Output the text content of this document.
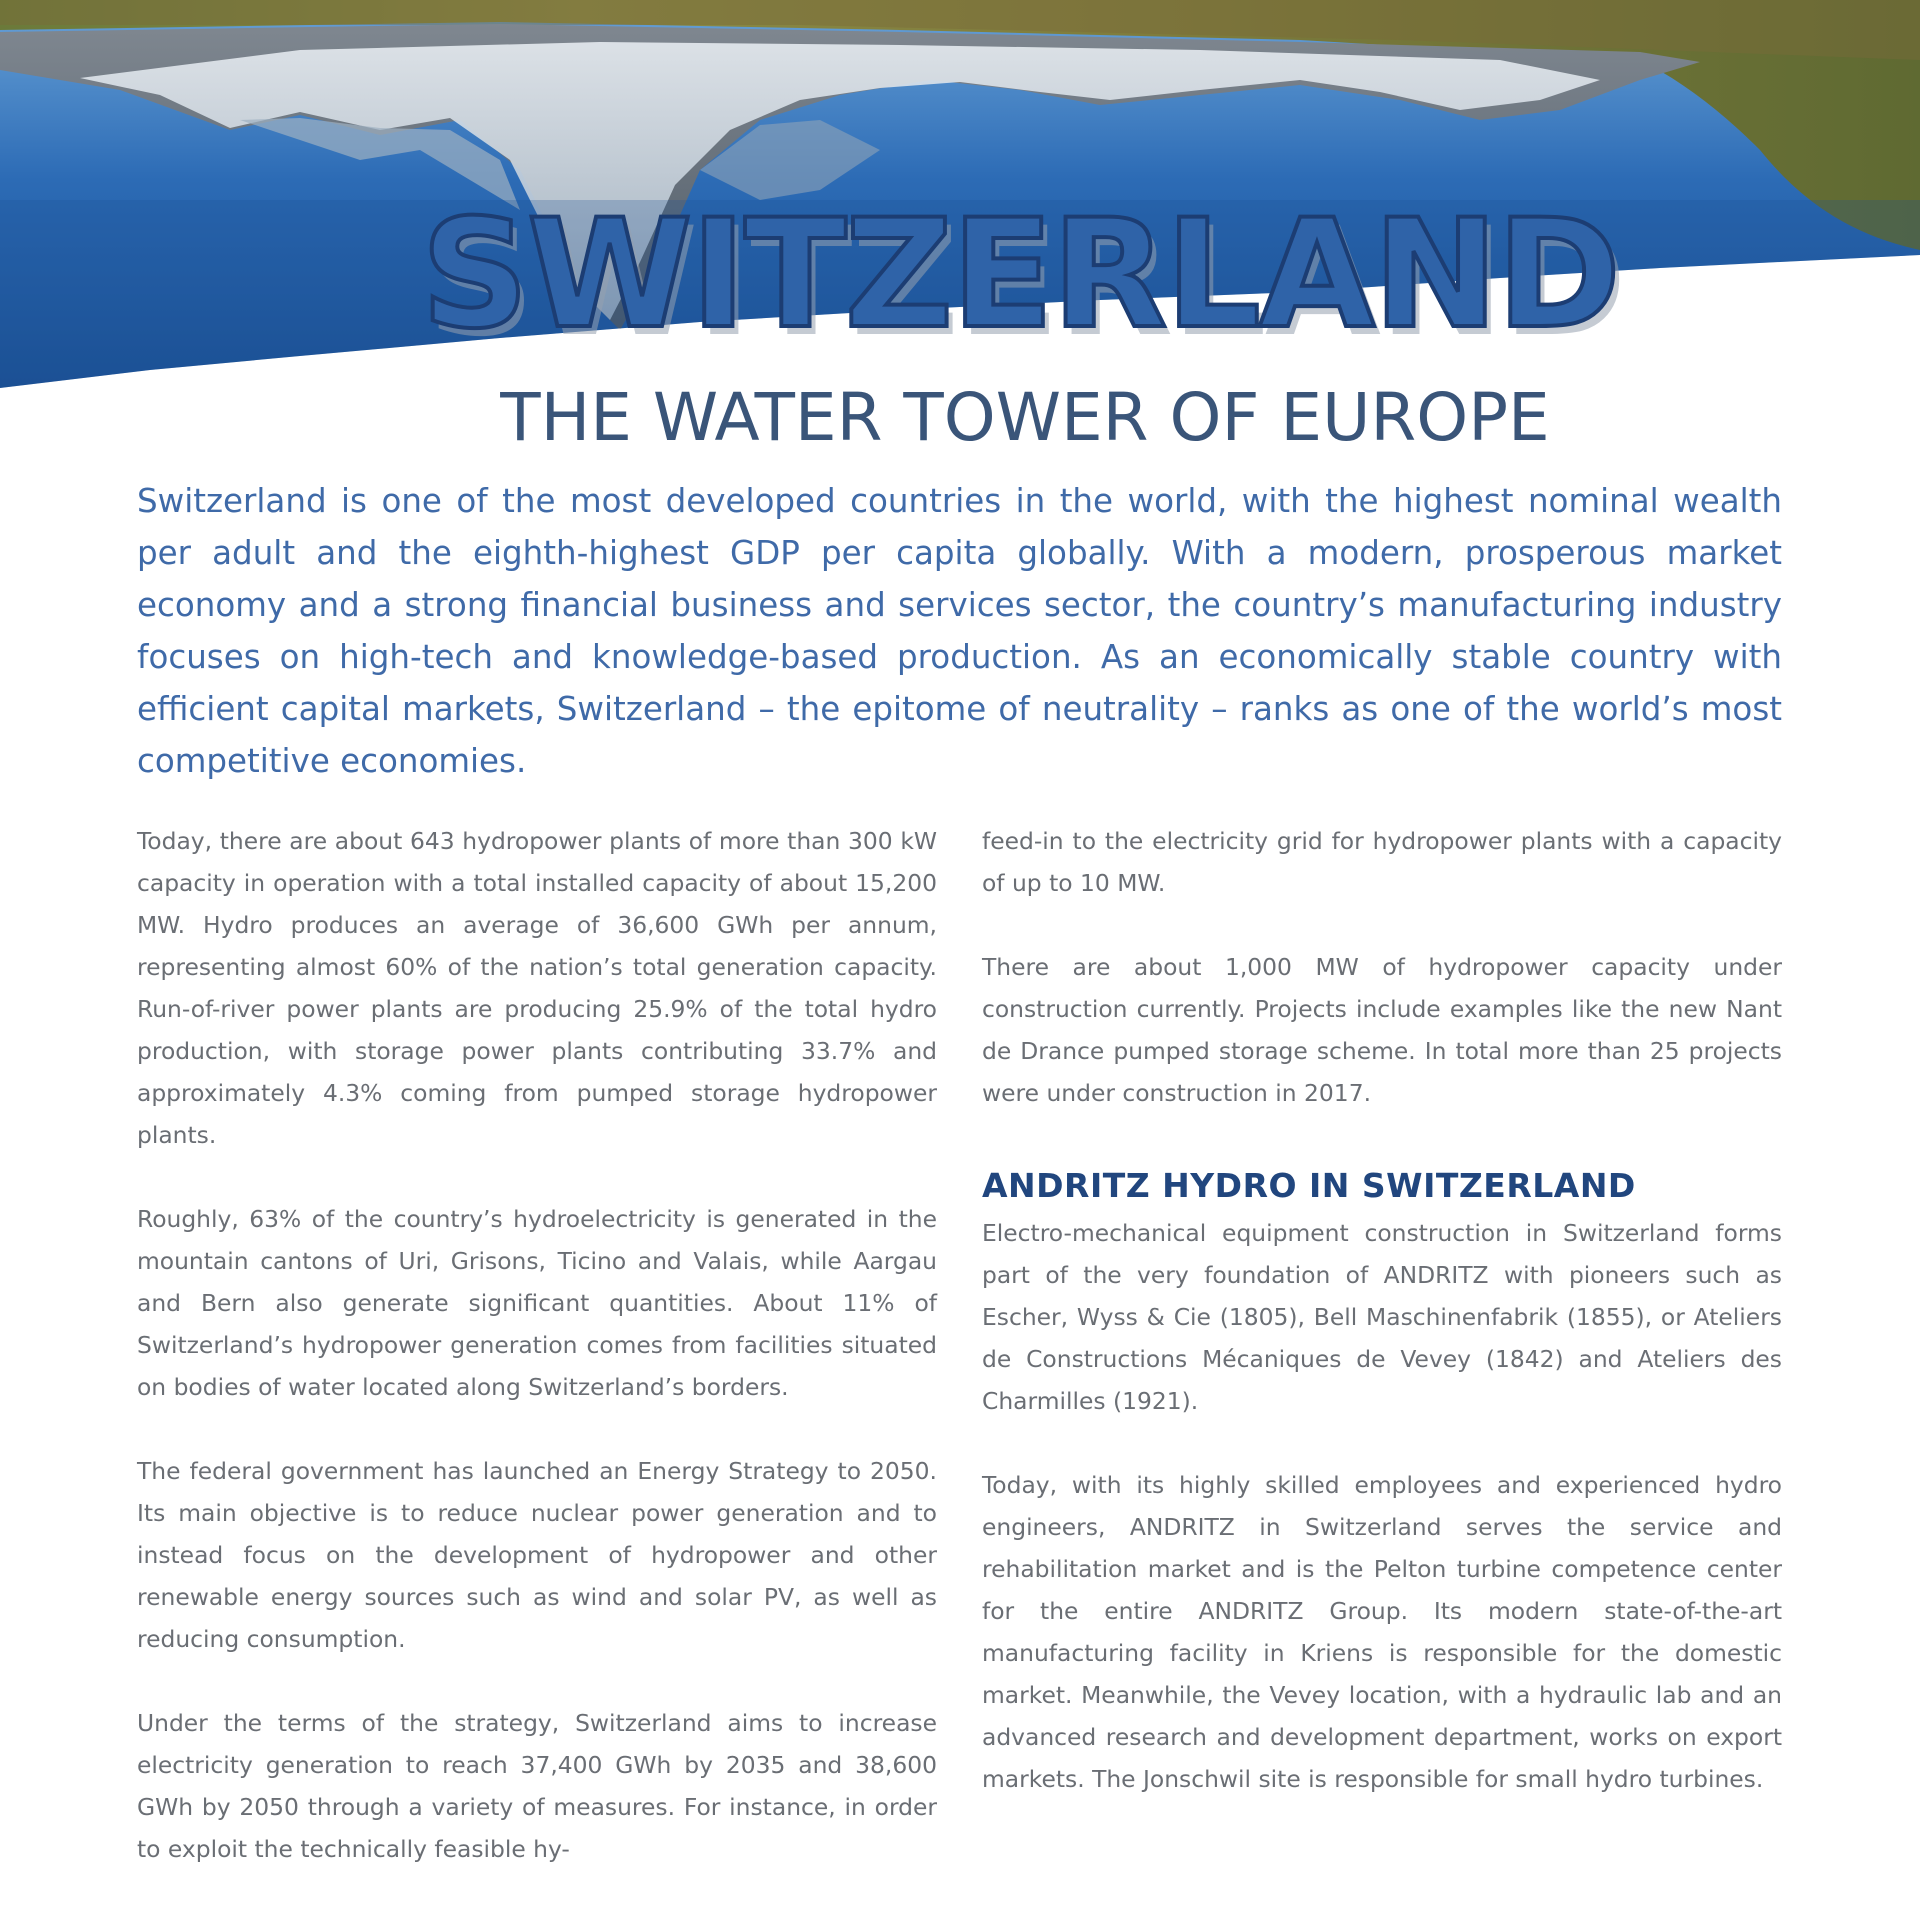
SWITZERLAND
THE WATER TOWER OF EUROPE

Switzerland is one of the most developed countries in the world, with the highest nominal wealth per adult and the eighth-highest GDP per capita globally. With a modern, prosperous market economy and a strong financial business and services sector, the country’s manufacturing industry focuses on high-tech and knowledge-based production. As an economically stable country with efficient capital markets, Switzerland – the epitome of neutrality – ranks as one of the world’s most competitive economies.

Today, there are about 643 hydropower plants of more than 300 kW capacity in operation with a total installed capacity of about 15,200 MW. Hydro produces an average of 36,600 GWh per annum, representing almost 60% of the nation’s total generation capacity. Run-of-river power plants are producing 25.9% of the total hydro production, with storage power plants contributing 33.7% and approximately 4.3% coming from pumped storage hydropower plants.

Roughly, 63% of the country’s hydroelectricity is generated in the mountain cantons of Uri, Grisons, Ticino and Valais, while Aargau and Bern also generate significant quantities. About 11% of Switzerland’s hydropower generation comes from facilities situated on bodies of water located along Switzerland’s borders.

The federal government has launched an Energy Strategy to 2050. Its main objective is to reduce nuclear power generation and to instead focus on the development of hydropower and other renewable energy sources such as wind and solar PV, as well as reducing consumption.

Under the terms of the strategy, Switzerland aims to increase electricity generation to reach 37,400 GWh by 2035 and 38,600 GWh by 2050 through a variety of measures. For instance, in order to exploit the technically feasible hy-

feed-in to the electricity grid for hydropower plants with a capacity of up to 10 MW.

There are about 1,000 MW of hydropower capacity under construction currently. Projects include examples like the new Nant de Drance pumped storage scheme. In total more than 25 projects were under construction in 2017.

ANDRITZ HYDRO IN SWITZERLAND

Electro-mechanical equipment construction in Switzerland forms part of the very foundation of ANDRITZ with pioneers such as Escher, Wyss & Cie (1805), Bell Maschinenfabrik (1855), or Ateliers de Constructions Mécaniques de Vevey (1842) and Ateliers des Charmilles (1921).

Today, with its highly skilled employees and experienced hydro engineers, ANDRITZ in Switzerland serves the service and rehabilitation market and is the Pelton turbine competence center for the entire ANDRITZ Group. Its modern state-of-the-art manufacturing facility in Kriens is responsible for the domestic market. Meanwhile, the Vevey location, with a hydraulic lab and an advanced research and development department, works on export markets. The Jonschwil site is responsible for small hydro turbines.
